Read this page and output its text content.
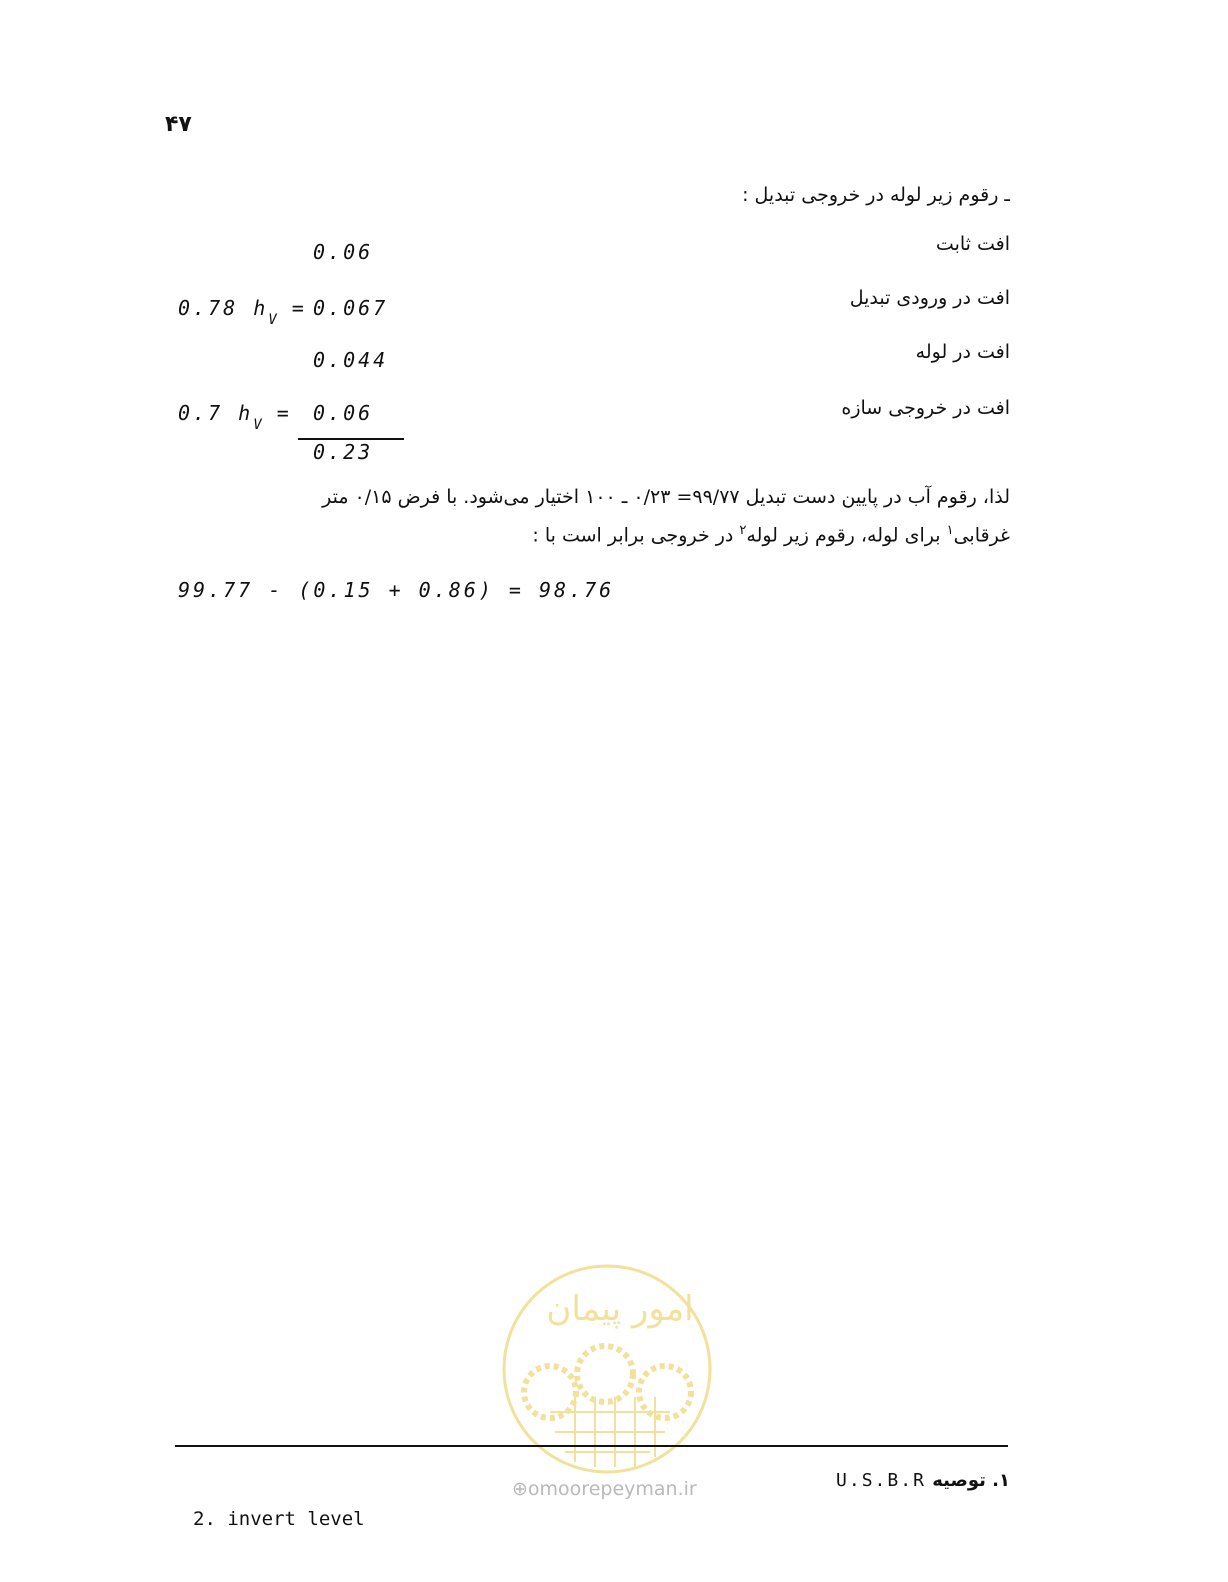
۴۷
ـ رقوم زیر لوله در خروجی تبدیل :
افت ثابت
0.06
افت در ورودی تبدیل
0.78 $h_V = 0.067$
افت در لوله
0.044
افت در خروجی سازه
0.7 $h_V = 0.06$
0.23
لذا، رقوم آب در پایین دست تبدیل ۹۹/۷۷= ۰/۲۳ ـ ۱۰۰ اختیار می‌شود. با فرض ۰/۱۵ متر
غرقابی$^۱$ برای لوله، رقوم زیر لوله$^۲$ در خروجی برابر است با :
99.77 - (0.15 + 0.86) = 98.76
امور پیمان
⊕omoorepeyman.ir	۱. توصیه U.S.B.R
2. invert level
